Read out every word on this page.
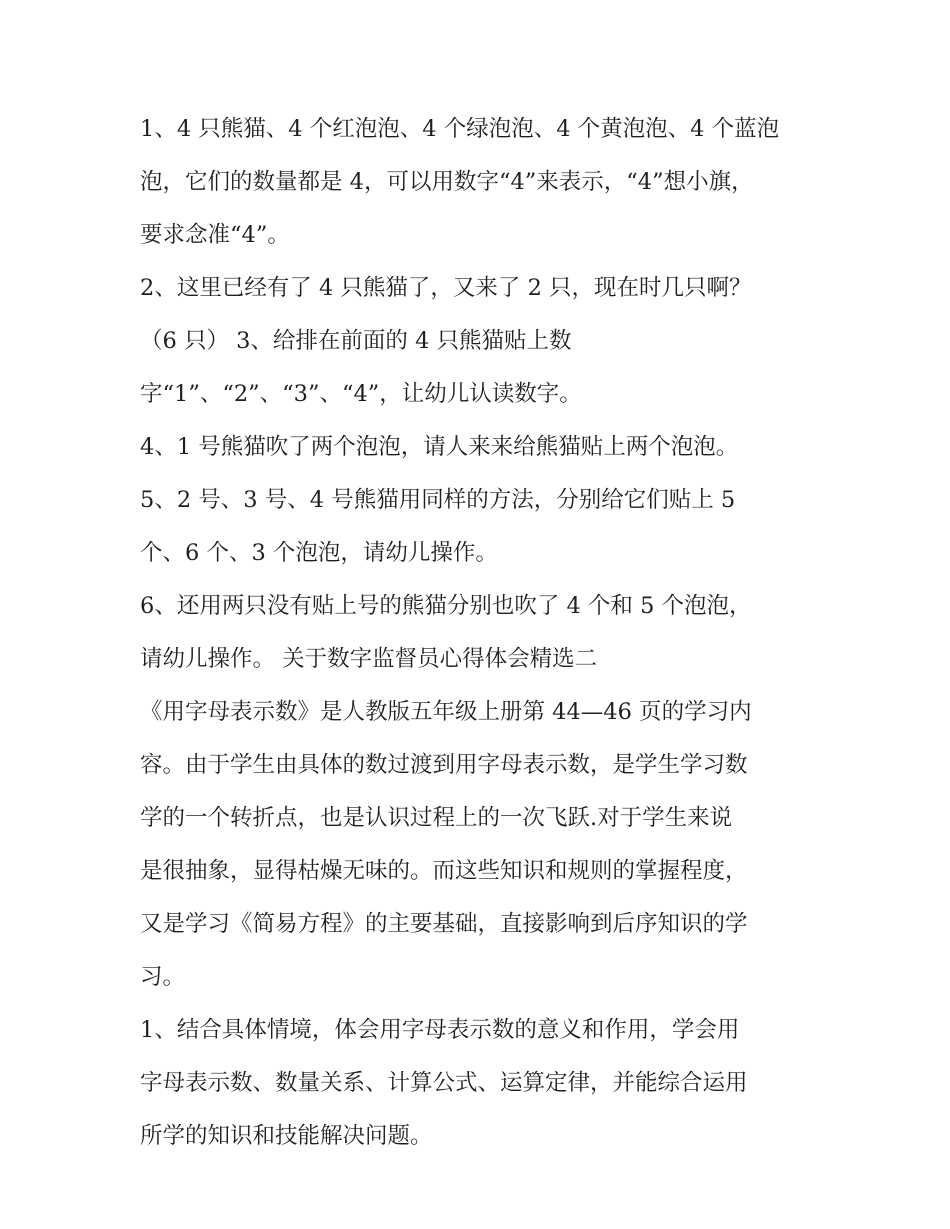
1、4 只熊猫、4 个红泡泡、4 个绿泡泡、4 个黄泡泡、4 个蓝泡
泡，它们的数量都是 4，可以用数字“4”来表示，“4”想小旗，
要求念准“4”。
2、这里已经有了 4 只熊猫了，又来了 2 只，现在时几只啊？
（6 只） 3、给排在前面的 4 只熊猫贴上数
字“1”、“2”、“3”、“4”，让幼儿认读数字。
4、1 号熊猫吹了两个泡泡，请人来来给熊猫贴上两个泡泡。
5、2 号、3 号、4 号熊猫用同样的方法，分别给它们贴上 5
个、6 个、3 个泡泡，请幼儿操作。
6、还用两只没有贴上号的熊猫分别也吹了 4 个和 5 个泡泡，
请幼儿操作。 关于数字监督员心得体会精选二
《用字母表示数》是人教版五年级上册第 44—46 页的学习内
容。由于学生由具体的数过渡到用字母表示数，是学生学习数
学的一个转折点，也是认识过程上的一次飞跃.对于学生来说
是很抽象，显得枯燥无味的。而这些知识和规则的掌握程度，
又是学习《简易方程》的主要基础，直接影响到后序知识的学
习。
1、结合具体情境，体会用字母表示数的意义和作用，学会用
字母表示数、数量关系、计算公式、运算定律，并能综合运用
所学的知识和技能解决问题。
